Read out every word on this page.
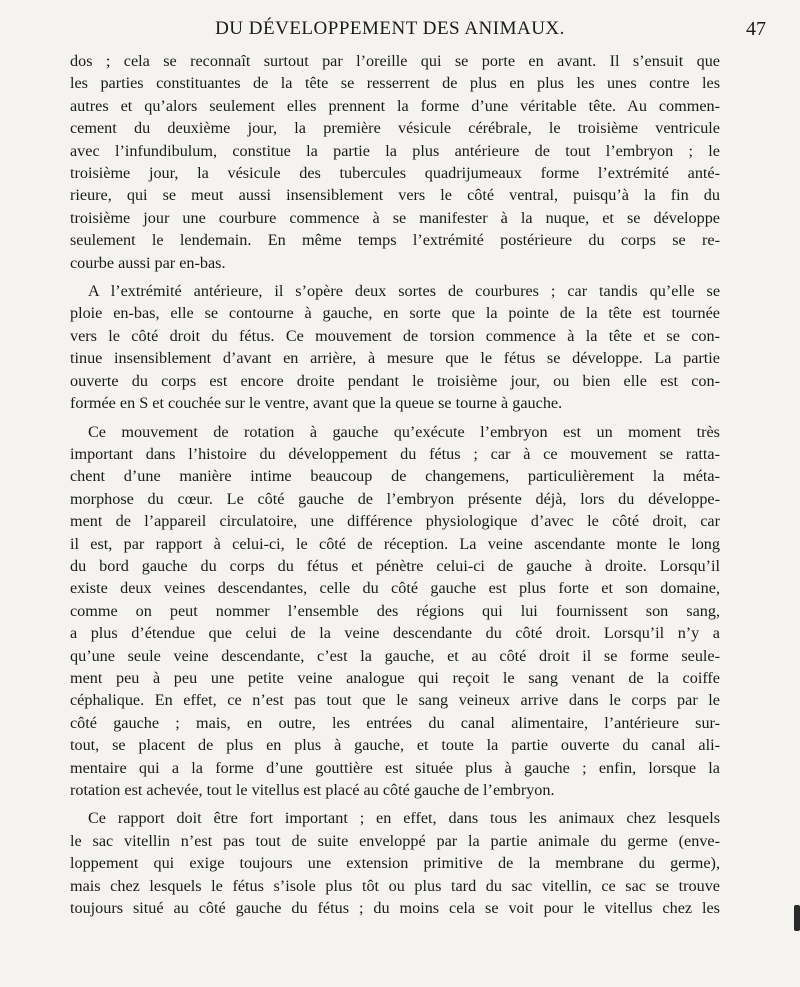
DU DÉVELOPPEMENT DES ANIMAUX.	47
dos ; cela se reconnaît surtout par l’oreille qui se porte en avant. Il s’ensuit que
les parties constituantes de la tête se resserrent de plus en plus les unes contre les
autres et qu’alors seulement elles prennent la forme d’une véritable tête. Au commen-
cement du deuxième jour, la première vésicule cérébrale, le troisième ventricule
avec l’infundibulum, constitue la partie la plus antérieure de tout l’embryon ; le
troisième jour, la vésicule des tubercules quadrijumeaux forme l’extrémité anté-
rieure, qui se meut aussi insensiblement vers le côté ventral, puisqu’à la fin du
troisième jour une courbure commence à se manifester à la nuque, et se développe
seulement le lendemain. En même temps l’extrémité postérieure du corps se re-
courbe aussi par en-bas.
A l’extrémité antérieure, il s’opère deux sortes de courbures ; car tandis qu’elle se
ploie en-bas, elle se contourne à gauche, en sorte que la pointe de la tête est tournée
vers le côté droit du fétus. Ce mouvement de torsion commence à la tête et se con-
tinue insensiblement d’avant en arrière, à mesure que le fétus se développe. La partie
ouverte du corps est encore droite pendant le troisième jour, ou bien elle est con-
formée en S et couchée sur le ventre, avant que la queue se tourne à gauche.
Ce mouvement de rotation à gauche qu’exécute l’embryon est un moment très
important dans l’histoire du développement du fétus ; car à ce mouvement se ratta-
chent d’une manière intime beaucoup de changemens, particulièrement la méta-
morphose du cœur. Le côté gauche de l’embryon présente déjà, lors du développe-
ment de l’appareil circulatoire, une différence physiologique d’avec le côté droit, car
il est, par rapport à celui-ci, le côté de réception. La veine ascendante monte le long
du bord gauche du corps du fétus et pénètre celui-ci de gauche à droite. Lorsqu’il
existe deux veines descendantes, celle du côté gauche est plus forte et son domaine,
comme on peut nommer l’ensemble des régions qui lui fournissent son sang,
a plus d’étendue que celui de la veine descendante du côté droit. Lorsqu’il n’y a
qu’une seule veine descendante, c’est la gauche, et au côté droit il se forme seule-
ment peu à peu une petite veine analogue qui reçoit le sang venant de la coiffe
céphalique. En effet, ce n’est pas tout que le sang veineux arrive dans le corps par le
côté gauche ; mais, en outre, les entrées du canal alimentaire, l’antérieure sur-
tout, se placent de plus en plus à gauche, et toute la partie ouverte du canal ali-
mentaire qui a la forme d’une gouttière est située plus à gauche ; enfin, lorsque la
rotation est achevée, tout le vitellus est placé au côté gauche de l’embryon.
Ce rapport doit être fort important ; en effet, dans tous les animaux chez lesquels
le sac vitellin n’est pas tout de suite enveloppé par la partie animale du germe (enve-
loppement qui exige toujours une extension primitive de la membrane du germe),
mais chez lesquels le fétus s’isole plus tôt ou plus tard du sac vitellin, ce sac se trouve
toujours situé au côté gauche du fétus ; du moins cela se voit pour le vitellus chez les
